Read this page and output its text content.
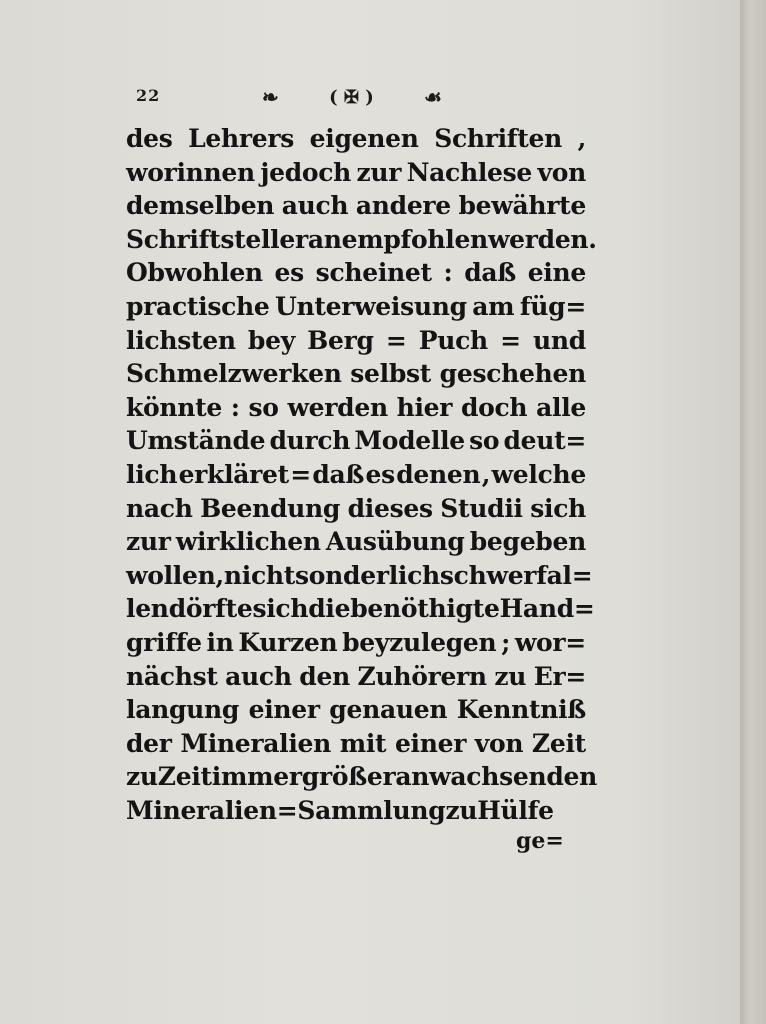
22	❧	( ✠ )	☙
des Lehrers eigenen Schriften ,
worinnen jedoch zur Nachlese von
demselben auch andere bewährte
Schriftsteller anempfohlen werden.
Obwohlen es scheinet : daß eine
practische Unterweisung am füg=
lichsten bey Berg = Puch = und
Schmelzwerken selbst geschehen
könnte : so werden hier doch alle
Umstände durch Modelle so deut=
lich erkläret = daß es denen , welche
nach Beendung dieses Studii sich
zur wirklichen Ausübung begeben
wollen , nicht sonderlich schwer fal=
len dörfte sich die benöthigte Hand=
griffe in Kurzen beyzulegen ; wor=
nächst auch den Zuhörern zu Er=
langung einer genauen Kenntniß
der Mineralien mit einer von Zeit
zu Zeit immer größer anwachsenden
Mineralien=Sammlung zu Hülfe
ge=
